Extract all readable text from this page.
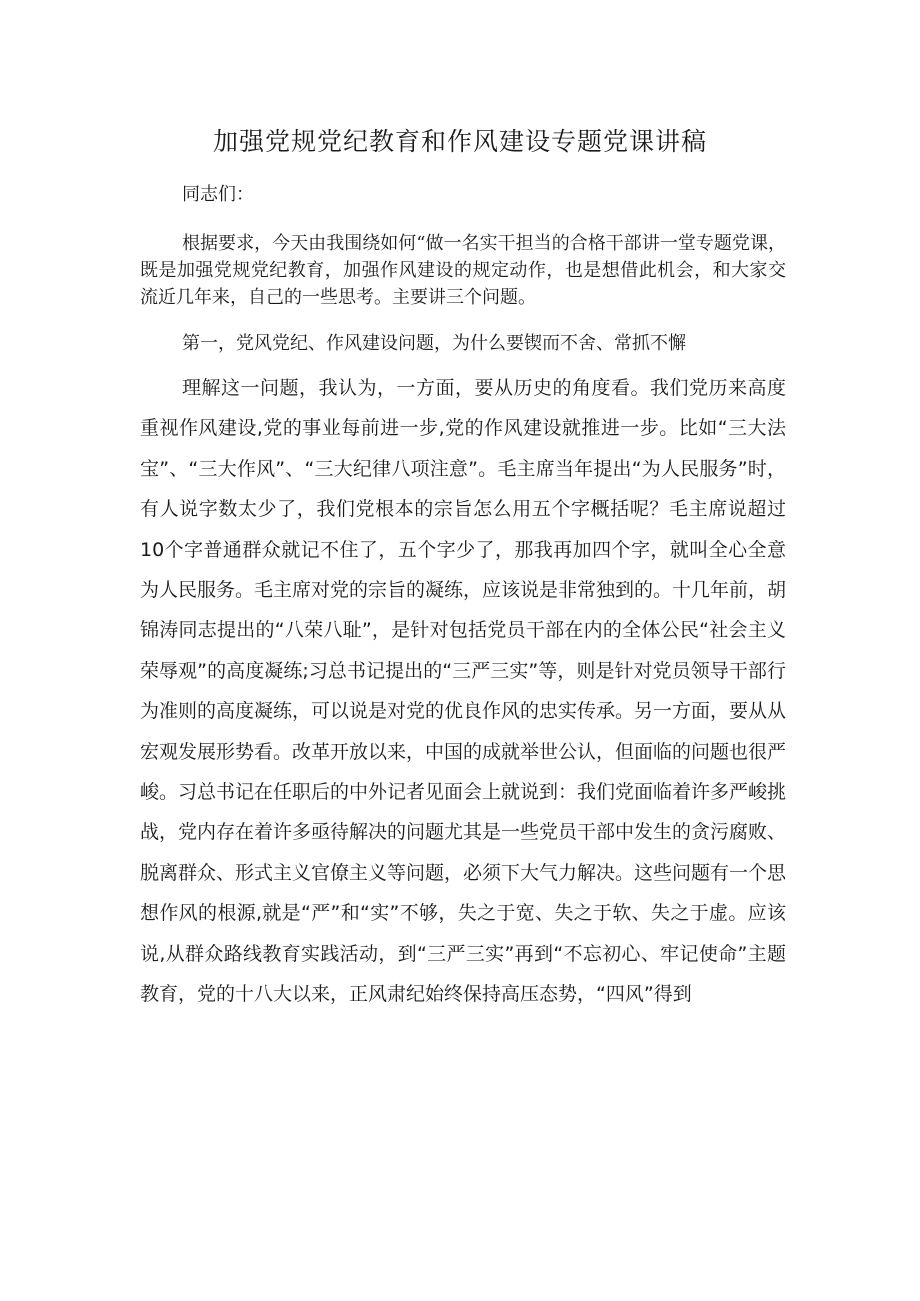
加强党规党纪教育和作风建设专题党课讲稿

同志们：

根据要求，今天由我围绕如何“做一名实干担当的合格干部讲一堂专题党课，既是加强党规党纪教育，加强作风建设的规定动作，也是想借此机会，和大家交流近几年来，自己的一些思考。主要讲三个问题。

第一，党风党纪、作风建设问题，为什么要锲而不舍、常抓不懈

理解这一问题，我认为，一方面，要从历史的角度看。我们党历来高度重视作风建设,党的事业每前进一步,党的作风建设就推进一步。比如“三大法宝”、“三大作风”、“三大纪律八项注意”。毛主席当年提出“为人民服务”时，有人说字数太少了，我们党根本的宗旨怎么用五个字概括呢？毛主席说超过10个字普通群众就记不住了，五个字少了，那我再加四个字，就叫全心全意为人民服务。毛主席对党的宗旨的凝练，应该说是非常独到的。十几年前，胡锦涛同志提出的“八荣八耻”，是针对包括党员干部在内的全体公民“社会主义荣辱观”的高度凝练;习总书记提出的“三严三实”等，则是针对党员领导干部行为准则的高度凝练，可以说是对党的优良作风的忠实传承。另一方面，要从从宏观发展形势看。改革开放以来，中国的成就举世公认，但面临的问题也很严峻。习总书记在任职后的中外记者见面会上就说到：我们党面临着许多严峻挑战，党内存在着许多亟待解决的问题尤其是一些党员干部中发生的贪污腐败、脱离群众、形式主义官僚主义等问题，必须下大气力解决。这些问题有一个思想作风的根源,就是“严”和“实”不够，失之于宽、失之于软、失之于虚。应该说,从群众路线教育实践活动，到“三严三实”再到“不忘初心、牢记使命”主题教育，党的十八大以来，正风肃纪始终保持高压态势，“四风”得到
